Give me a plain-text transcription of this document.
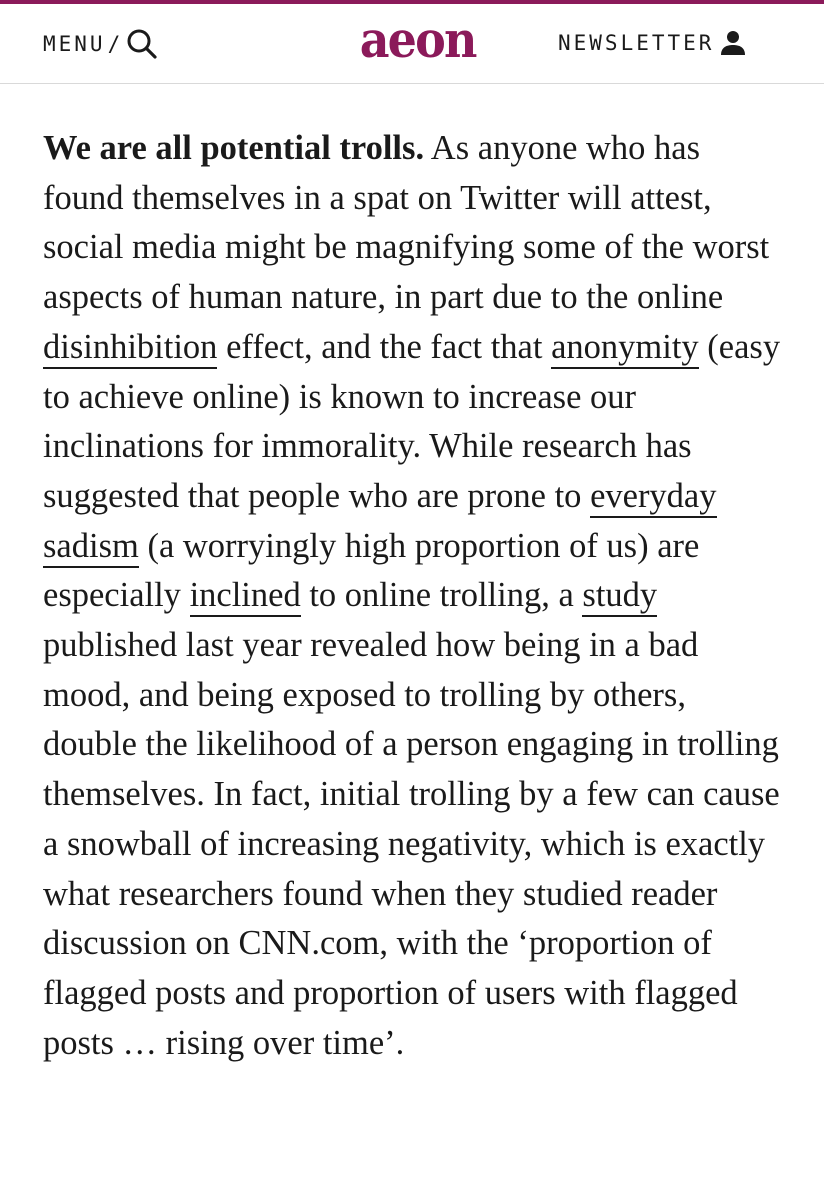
MENU /	aeon	NEWSLETTER

We are all potential trolls. As anyone who has found themselves in a spat on Twitter will attest, social media might be magnifying some of the worst aspects of human nature, in part due to the online disinhibition effect, and the fact that anonymity (easy to achieve online) is known to increase our inclinations for immorality. While research has suggested that people who are prone to everyday sadism (a worryingly high proportion of us) are especially inclined to online trolling, a study published last year revealed how being in a bad mood, and being exposed to trolling by others, double the likelihood of a person engaging in trolling themselves. In fact, initial trolling by a few can cause a snowball of increasing negativity, which is exactly what researchers found when they studied reader discussion on CNN.com, with the ‘proportion of flagged posts and proportion of users with flagged posts … rising over time’.
